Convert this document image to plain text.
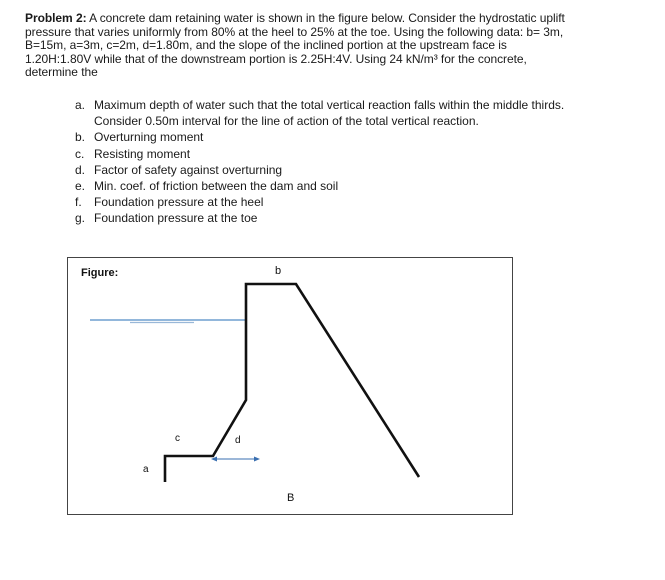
Problem 2: A concrete dam retaining water is shown in the figure below. Consider the hydrostatic uplift
pressure that varies uniformly from 80% at the heel to 25% at the toe. Using the following data: b= 3m,
B=15m, a=3m, c=2m, d=1.80m, and the slope of the inclined portion at the upstream face is
1.20H:1.80V while that of the downstream portion is 2.25H:4V. Using 24 kN/m³ for the concrete,
determine the
a. Maximum depth of water such that the total vertical reaction falls within the middle thirds.
Consider 0.50m interval for the line of action of the total vertical reaction.
b. Overturning moment
c. Resisting moment
d. Factor of safety against overturning
e. Min. coef. of friction between the dam and soil
f. Foundation pressure at the heel
g. Foundation pressure at the toe
Figure:	b
c	d
a
B
